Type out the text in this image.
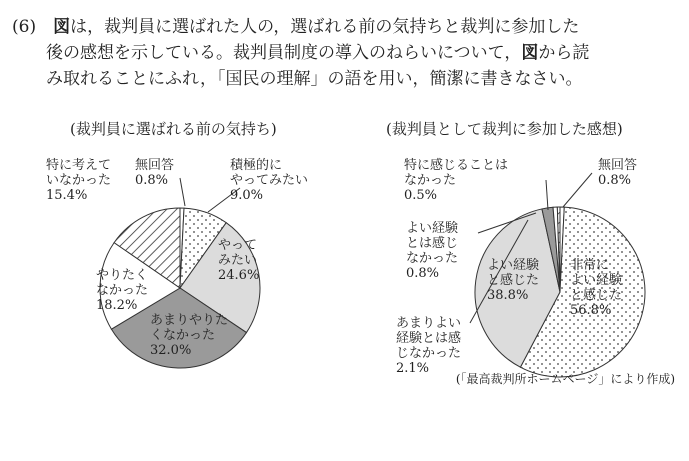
(6)　 図は，裁判員に選ばれた人の，選ばれる前の気持ちと裁判に参加した
後の感想を示している。裁判員制度の導入のねらいについて，図から読
み取れることにふれ，「国民の理解」の語を用い，簡潔に書きなさい。
(裁判員に選ばれる前の気持ち)	(裁判員として裁判に参加した感想)
特に考えて
いなかった
15.4%
無回答
0.8%
積極的に
やってみたい
9.0%
やって
みたい
24.6%
あまりやりた
くなかった
32.0%
やりたく
なかった
18.2%
特に感じることは
なかった
0.5%
無回答
0.8%
よい経験
とは感じ
なかった
0.8%
あまりよい
経験とは感
じなかった
2.1%
よい経験
と感じた
38.8%
非常に
よい経験
と感じた
56.8%
(「最高裁判所ホームページ」により作成)
